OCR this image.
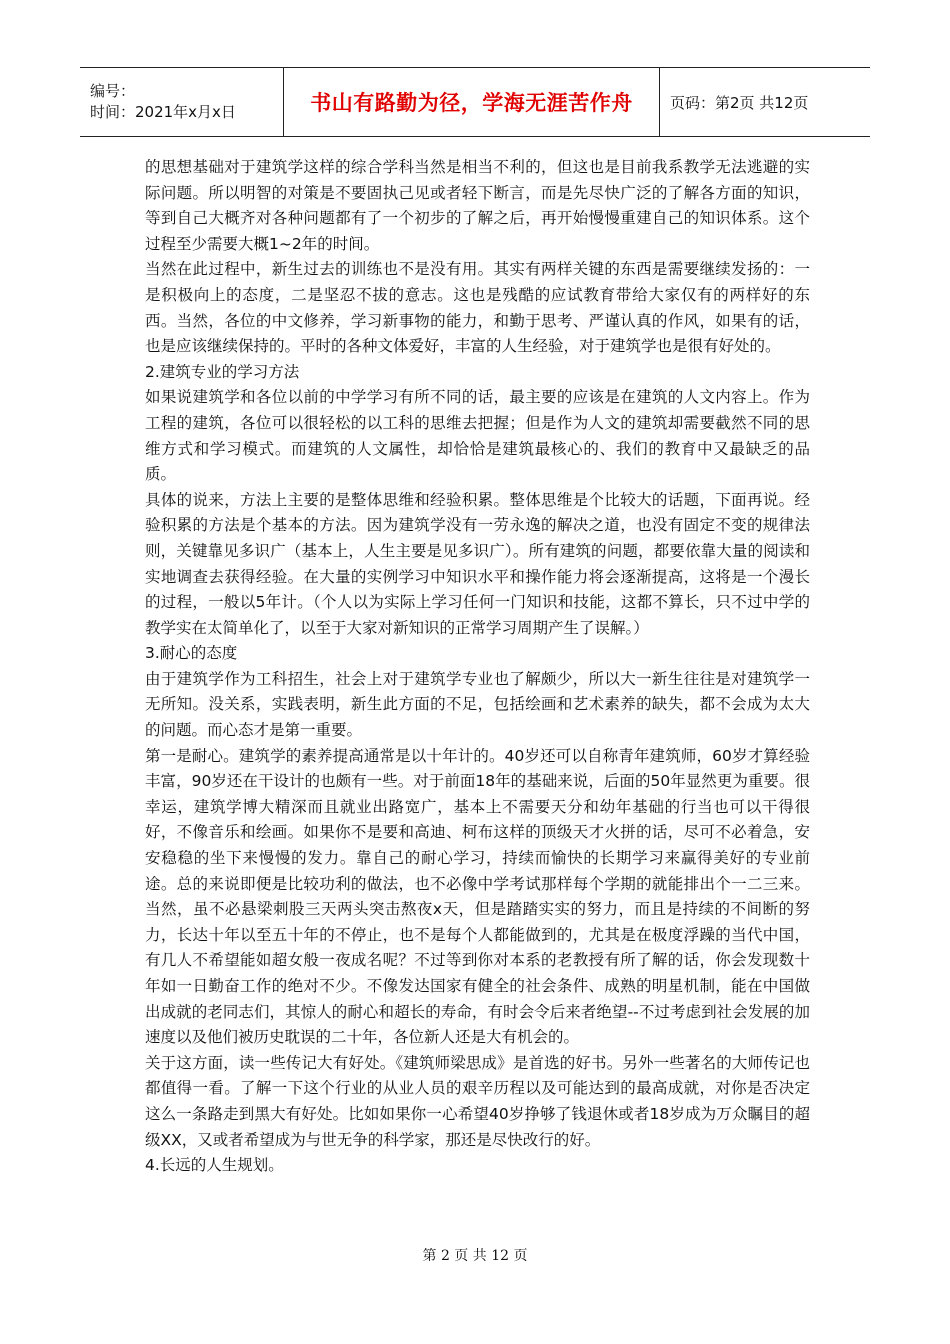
编号：
时间：2021年x月x日	书山有路勤为径，学海无涯苦作舟 页码：第2页 共12页

的思想基础对于建筑学这样的综合学科当然是相当不利的，但这也是目前我系教学无法逃避的实际问题。所以明智的对策是不要固执己见或者轻下断言，而是先尽快广泛的了解各方面的知识，等到自己大概齐对各种问题都有了一个初步的了解之后，再开始慢慢重建自己的知识体系。这个过程至少需要大概1~2年的时间。

当然在此过程中，新生过去的训练也不是没有用。其实有两样关键的东西是需要继续发扬的：一是积极向上的态度，二是坚忍不拔的意志。这也是残酷的应试教育带给大家仅有的两样好的东西。当然，各位的中文修养，学习新事物的能力，和勤于思考、严谨认真的作风，如果有的话，也是应该继续保持的。平时的各种文体爱好，丰富的人生经验，对于建筑学也是很有好处的。

2.建筑专业的学习方法

如果说建筑学和各位以前的中学学习有所不同的话，最主要的应该是在建筑的人文内容上。作为工程的建筑，各位可以很轻松的以工科的思维去把握；但是作为人文的建筑却需要截然不同的思维方式和学习模式。而建筑的人文属性，却恰恰是建筑最核心的、我们的教育中又最缺乏的品质。

具体的说来，方法上主要的是整体思维和经验积累。整体思维是个比较大的话题，下面再说。经验积累的方法是个基本的方法。因为建筑学没有一劳永逸的解决之道，也没有固定不变的规律法则，关键靠见多识广（基本上，人生主要是见多识广）。所有建筑的问题，都要依靠大量的阅读和实地调查去获得经验。在大量的实例学习中知识水平和操作能力将会逐渐提高，这将是一个漫长的过程，一般以5年计。（个人以为实际上学习任何一门知识和技能，这都不算长，只不过中学的教学实在太简单化了，以至于大家对新知识的正常学习周期产生了误解。）

3.耐心的态度

由于建筑学作为工科招生，社会上对于建筑学专业也了解颇少，所以大一新生往往是对建筑学一无所知。没关系，实践表明，新生此方面的不足，包括绘画和艺术素养的缺失，都不会成为太大的问题。而心态才是第一重要。

第一是耐心。建筑学的素养提高通常是以十年计的。40岁还可以自称青年建筑师，60岁才算经验丰富，90岁还在干设计的也颇有一些。对于前面18年的基础来说，后面的50年显然更为重要。很幸运，建筑学博大精深而且就业出路宽广，基本上不需要天分和幼年基础的行当也可以干得很好，不像音乐和绘画。如果你不是要和高迪、柯布这样的顶级天才火拼的话，尽可不必着急，安安稳稳的坐下来慢慢的发力。靠自己的耐心学习，持续而愉快的长期学习来赢得美好的专业前途。总的来说即便是比较功利的做法，也不必像中学考试那样每个学期的就能排出个一二三来。当然，虽不必悬梁刺股三天两头突击熬夜x天，但是踏踏实实的努力，而且是持续的不间断的努力，长达十年以至五十年的不停止，也不是每个人都能做到的，尤其是在极度浮躁的当代中国，有几人不希望能如超女般一夜成名呢？不过等到你对本系的老教授有所了解的话，你会发现数十年如一日勤奋工作的绝对不少。不像发达国家有健全的社会条件、成熟的明星机制，能在中国做出成就的老同志们，其惊人的耐心和超长的寿命，有时会令后来者绝望--不过考虑到社会发展的加速度以及他们被历史耽误的二十年，各位新人还是大有机会的。

关于这方面，读一些传记大有好处。《建筑师梁思成》是首选的好书。另外一些著名的大师传记也都值得一看。了解一下这个行业的从业人员的艰辛历程以及可能达到的最高成就，对你是否决定这么一条路走到黑大有好处。比如如果你一心希望40岁挣够了钱退休或者18岁成为万众瞩目的超级XX，又或者希望成为与世无争的科学家，那还是尽快改行的好。

4.长远的人生规划。

第 2 页 共 12 页
